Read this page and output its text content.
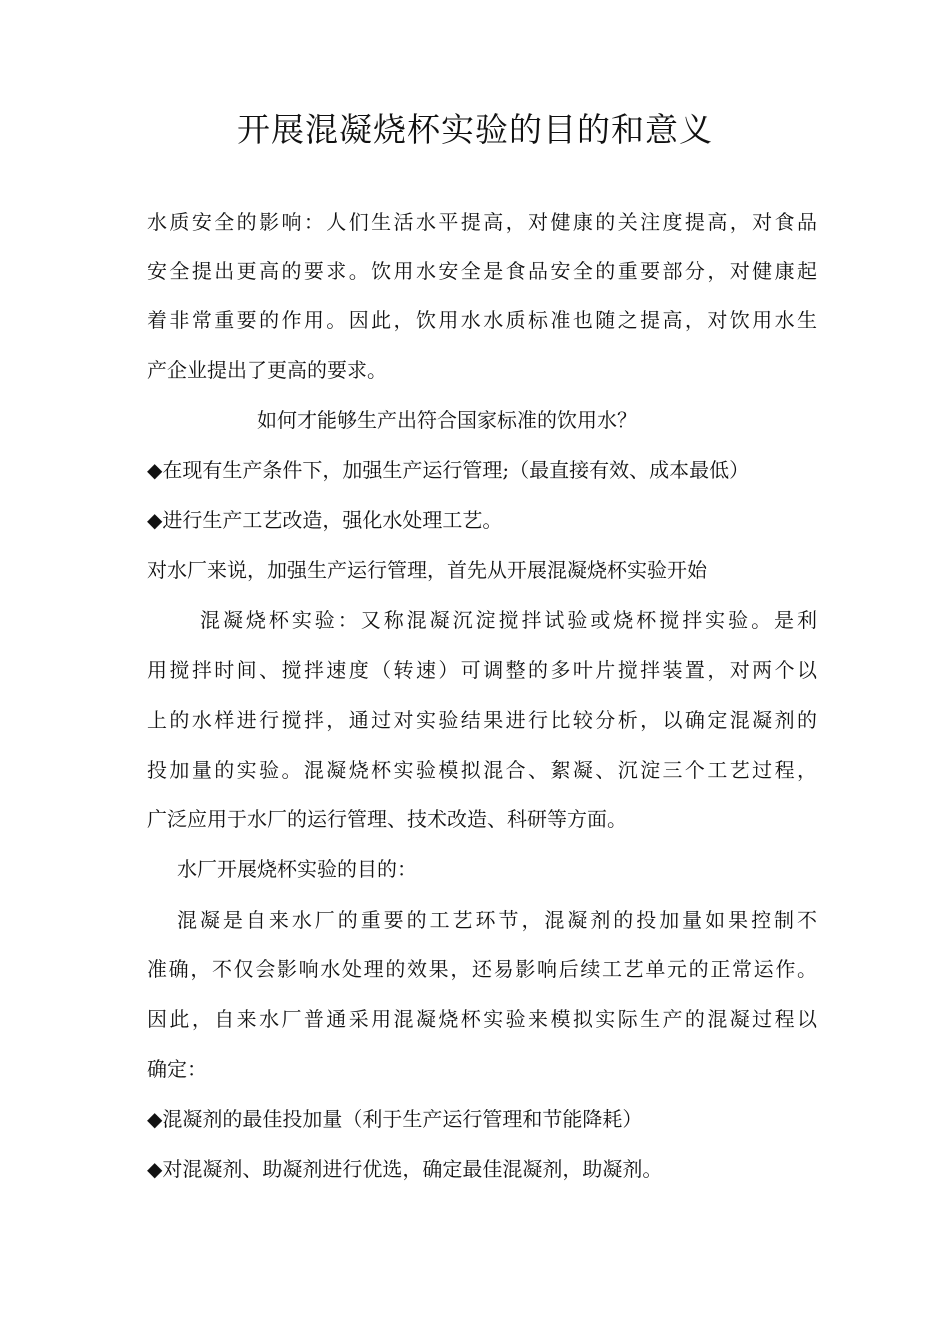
开展混凝烧杯实验的目的和意义
水质安全的影响：人们生活水平提高，对健康的关注度提高，对食品
安全提出更高的要求。饮用水安全是食品安全的重要部分，对健康起
着非常重要的作用。因此，饮用水水质标准也随之提高，对饮用水生
产企业提出了更高的要求。
如何才能够生产出符合国家标准的饮用水？
◆在现有生产条件下，加强生产运行管理;（最直接有效、成本最低）
◆进行生产工艺改造，强化水处理工艺。
对水厂来说，加强生产运行管理，首先从开展混凝烧杯实验开始
混凝烧杯实验：又称混凝沉淀搅拌试验或烧杯搅拌实验。是利
用搅拌时间、搅拌速度（转速）可调整的多叶片搅拌装置，对两个以
上的水样进行搅拌，通过对实验结果进行比较分析，以确定混凝剂的
投加量的实验。混凝烧杯实验模拟混合、絮凝、沉淀三个工艺过程，
广泛应用于水厂的运行管理、技术改造、科研等方面。
水厂开展烧杯实验的目的：
混凝是自来水厂的重要的工艺环节，混凝剂的投加量如果控制不
准确，不仅会影响水处理的效果，还易影响后续工艺单元的正常运作。
因此，自来水厂普通采用混凝烧杯实验来模拟实际生产的混凝过程以
确定：
◆混凝剂的最佳投加量（利于生产运行管理和节能降耗）
◆对混凝剂、助凝剂进行优选，确定最佳混凝剂，助凝剂。
